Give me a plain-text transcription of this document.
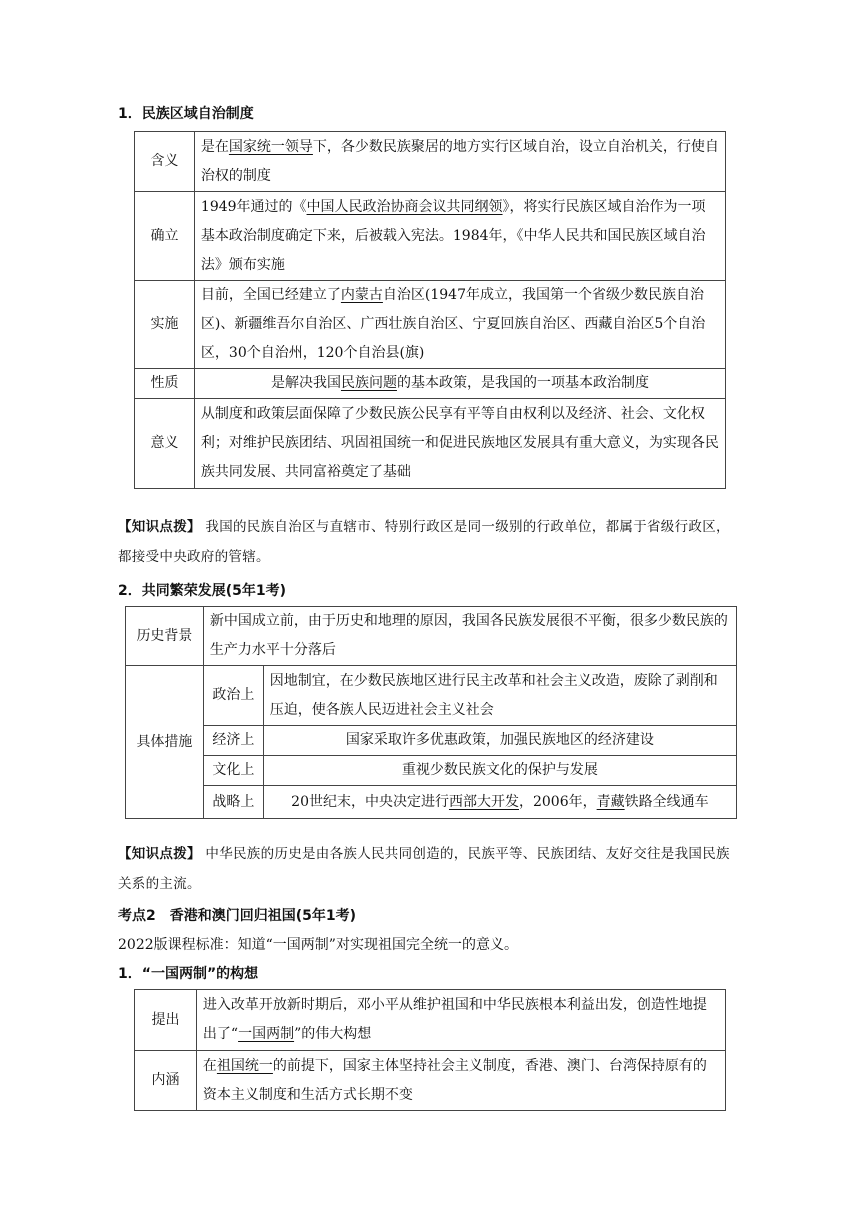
1．民族区域自治制度
含义	是在国家统一领导下，各少数民族聚居的地方实行区域自治，设立自治机关，行使自治权的制度
确立	1949年通过的《中国人民政治协商会议共同纲领》，将实行民族区域自治作为一项基本政治制度确定下来，后被载入宪法。1984年，《中华人民共和国民族区域自治法》颁布实施
实施	目前，全国已经建立了内蒙古自治区(1947年成立，我国第一个省级少数民族自治区)、新疆维吾尔自治区、广西壮族自治区、宁夏回族自治区、西藏自治区5个自治区，30个自治州，120个自治县(旗)
性质	是解决我国民族问题的基本政策，是我国的一项基本政治制度
意义	从制度和政策层面保障了少数民族公民享有平等自由权利以及经济、社会、文化权利；对维护民族团结、巩固祖国统一和促进民族地区发展具有重大意义，为实现各民族共同发展、共同富裕奠定了基础
【知识点拨】 我国的民族自治区与直辖市、特别行政区是同一级别的行政单位，都属于省级行政区，都接受中央政府的管辖。
2．共同繁荣发展(5年1考)
历史背景	新中国成立前，由于历史和地理的原因，我国各民族发展很不平衡，很多少数民族的生产力水平十分落后	
具体措施	政治上	因地制宜，在少数民族地区进行民主改革和社会主义改造，废除了剥削和压迫，使各族人民迈进社会主义社会
	经济上	国家采取许多优惠政策，加强民族地区的经济建设
	文化上	重视少数民族文化的保护与发展
	战略上	20世纪末，中央决定进行西部大开发，2006年，青藏铁路全线通车
【知识点拨】 中华民族的历史是由各族人民共同创造的，民族平等、民族团结、友好交往是我国民族关系的主流。
考点2　香港和澳门回归祖国(5年1考)
2022版课程标准：知道“一国两制”对实现祖国完全统一的意义。
1．“一国两制”的构想
提出	进入改革开放新时期后，邓小平从维护祖国和中华民族根本利益出发，创造性地提出了“一国两制”的伟大构想
内涵	在祖国统一的前提下，国家主体坚持社会主义制度，香港、澳门、台湾保持原有的资本主义制度和生活方式长期不变
